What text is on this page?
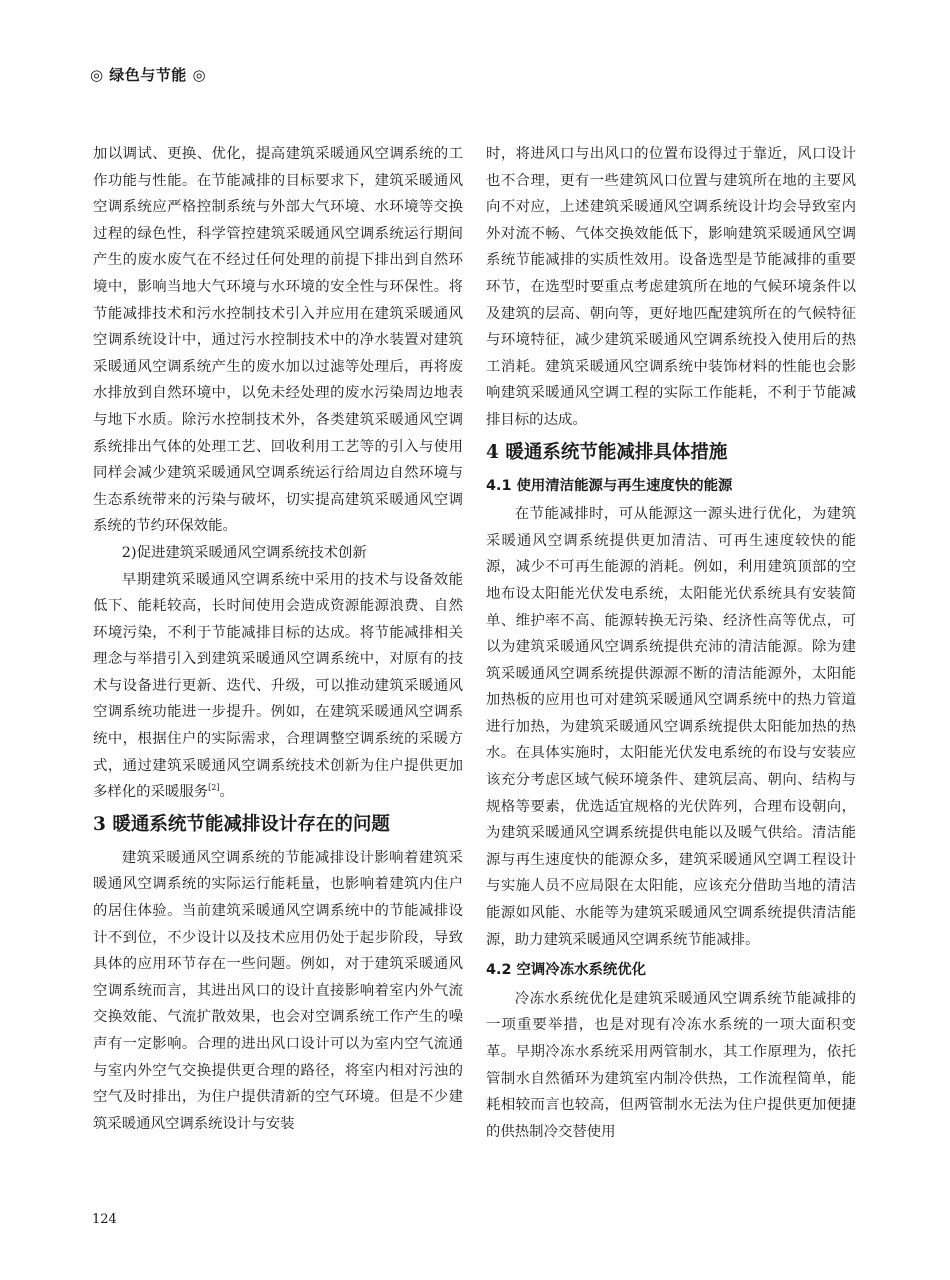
◎ 绿色与节能 ◎

加以调试、更换、优化，提高建筑采暖通风空调系统的工作功能与性能。在节能减排的目标要求下，建筑采暖通风空调系统应严格控制系统与外部大气环境、水环境等交换过程的绿色性，科学管控建筑采暖通风空调系统运行期间产生的废水废气在不经过任何处理的前提下排出到自然环境中，影响当地大气环境与水环境的安全性与环保性。将节能减排技术和污水控制技术引入并应用在建筑采暖通风空调系统设计中，通过污水控制技术中的净水装置对建筑采暖通风空调系统产生的废水加以过滤等处理后，再将废水排放到自然环境中，以免未经处理的废水污染周边地表与地下水质。除污水控制技术外，各类建筑采暖通风空调系统排出气体的处理工艺、回收利用工艺等的引入与使用同样会减少建筑采暖通风空调系统运行给周边自然环境与生态系统带来的污染与破坏，切实提高建筑采暖通风空调系统的节约环保效能。

2)促进建筑采暖通风空调系统技术创新

早期建筑采暖通风空调系统中采用的技术与设备效能低下、能耗较高，长时间使用会造成资源能源浪费、自然环境污染，不利于节能减排目标的达成。将节能减排相关理念与举措引入到建筑采暖通风空调系统中，对原有的技术与设备进行更新、迭代、升级，可以推动建筑采暖通风空调系统功能进一步提升。例如，在建筑采暖通风空调系统中，根据住户的实际需求，合理调整空调系统的采暖方式，通过建筑采暖通风空调系统技术创新为住户提供更加多样化的采暖服务[2]。

3 暖通系统节能减排设计存在的问题

建筑采暖通风空调系统的节能减排设计影响着建筑采暖通风空调系统的实际运行能耗量，也影响着建筑内住户的居住体验。当前建筑采暖通风空调系统中的节能减排设计不到位，不少设计以及技术应用仍处于起步阶段，导致具体的应用环节存在一些问题。例如，对于建筑采暖通风空调系统而言，其进出风口的设计直接影响着室内外气流交换效能、气流扩散效果，也会对空调系统工作产生的噪声有一定影响。合理的进出风口设计可以为室内空气流通与室内外空气交换提供更合理的路径，将室内相对污浊的空气及时排出，为住户提供清新的空气环境。但是不少建筑采暖通风空调系统设计与安装

时，将进风口与出风口的位置布设得过于靠近，风口设计也不合理，更有一些建筑风口位置与建筑所在地的主要风向不对应，上述建筑采暖通风空调系统设计均会导致室内外对流不畅、气体交换效能低下，影响建筑采暖通风空调系统节能减排的实质性效用。设备选型是节能减排的重要环节，在选型时要重点考虑建筑所在地的气候环境条件以及建筑的层高、朝向等，更好地匹配建筑所在的气候特征与环境特征，减少建筑采暖通风空调系统投入使用后的热工消耗。建筑采暖通风空调系统中装饰材料的性能也会影响建筑采暖通风空调工程的实际工作能耗，不利于节能减排目标的达成。

4 暖通系统节能减排具体措施
4.1 使用清洁能源与再生速度快的能源

在节能减排时，可从能源这一源头进行优化，为建筑采暖通风空调系统提供更加清洁、可再生速度较快的能源，减少不可再生能源的消耗。例如，利用建筑顶部的空地布设太阳能光伏发电系统，太阳能光伏系统具有安装简单、维护率不高、能源转换无污染、经济性高等优点，可以为建筑采暖通风空调系统提供充沛的清洁能源。除为建筑采暖通风空调系统提供源源不断的清洁能源外，太阳能加热板的应用也可对建筑采暖通风空调系统中的热力管道进行加热，为建筑采暖通风空调系统提供太阳能加热的热水。在具体实施时，太阳能光伏发电系统的布设与安装应该充分考虑区域气候环境条件、建筑层高、朝向、结构与规格等要素，优选适宜规格的光伏阵列，合理布设朝向，为建筑采暖通风空调系统提供电能以及暖气供给。清洁能源与再生速度快的能源众多，建筑采暖通风空调工程设计与实施人员不应局限在太阳能，应该充分借助当地的清洁能源如风能、水能等为建筑采暖通风空调系统提供清洁能源，助力建筑采暖通风空调系统节能减排。

4.2 空调冷冻水系统优化

冷冻水系统优化是建筑采暖通风空调系统节能减排的一项重要举措，也是对现有冷冻水系统的一项大面积变革。早期冷冻水系统采用两管制水，其工作原理为，依托管制水自然循环为建筑室内制冷供热，工作流程简单，能耗相较而言也较高，但两管制水无法为住户提供更加便捷的供热制冷交替使用

124
